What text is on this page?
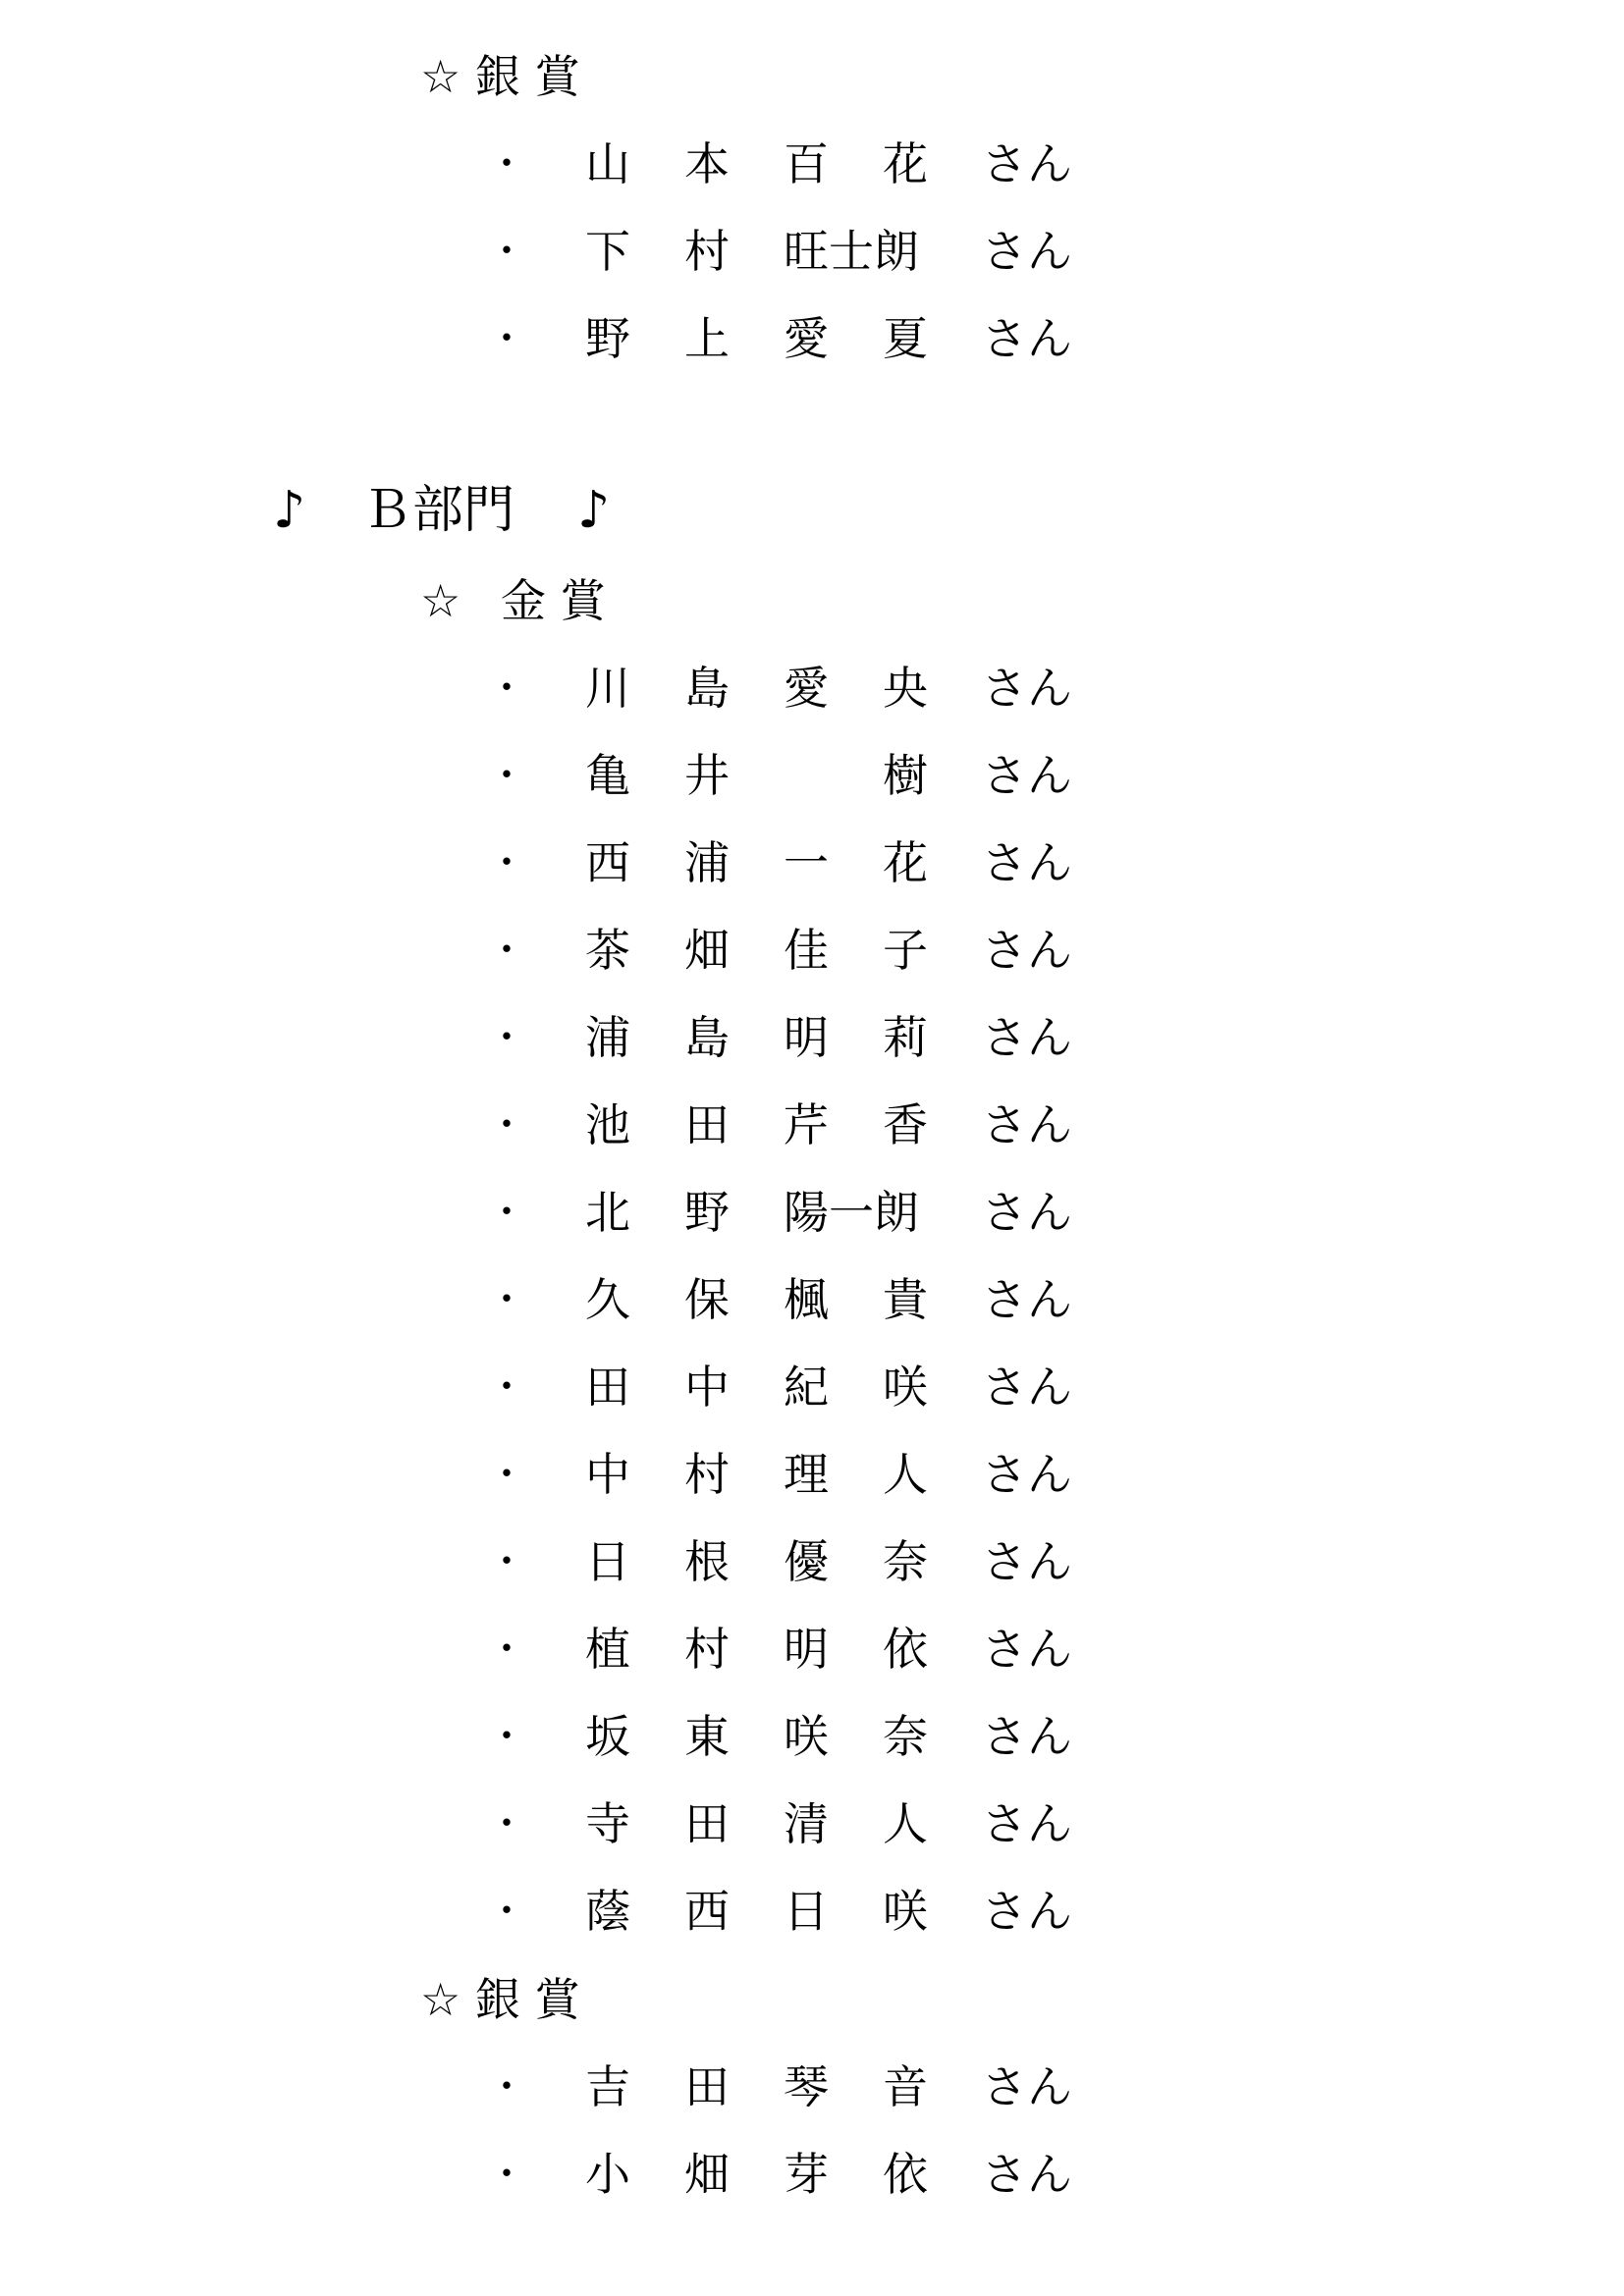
☆ 銀 賞
・ 山 本 百 花 さん
・ 下 村 旺士朗 さん
・ 野 上 愛 夏 さん
♪ Ｂ部門 ♪
☆ 金 賞
・ 川 島 愛 央 さん
・ 亀 井	樹 さん
・ 西 浦 一 花 さん
・ 茶 畑 佳 子 さん
・ 浦 島 明 莉 さん
・ 池 田 芹 香 さん
・ 北 野 陽一朗 さん
・ 久 保 楓 貴 さん
・ 田 中 紀 咲 さん
・ 中 村 理 人 さん
・ 日 根 優 奈 さん
・ 植 村 明 依 さん
・ 坂 東 咲 奈 さん
・ 寺 田 清 人 さん
・ 蔭 西 日 咲 さん
☆ 銀 賞
・ 吉 田 琴 音 さん
・ 小 畑 芽 依 さん
